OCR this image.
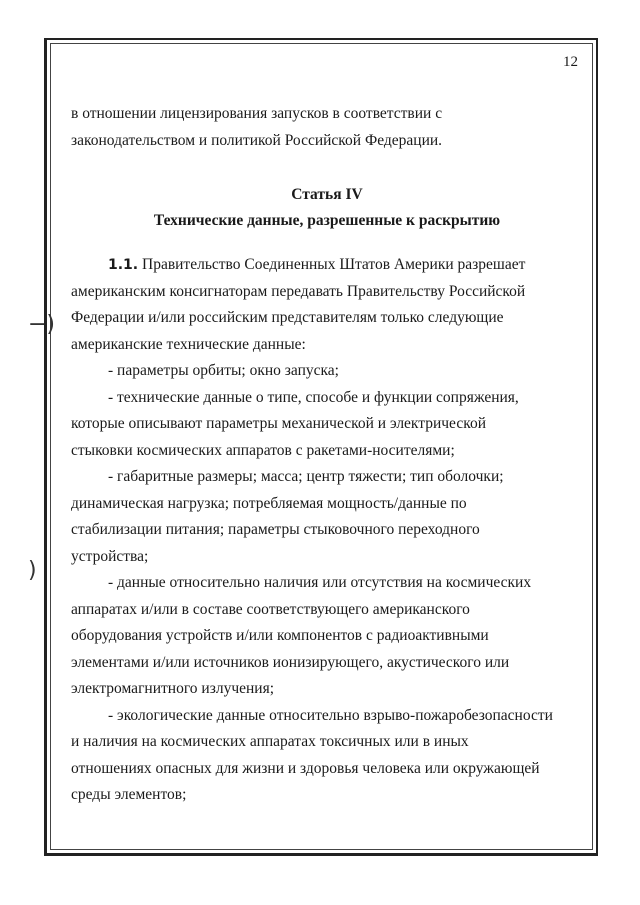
−)
)
12

в отношении лицензирования запусков в соответствии с

законодательством и политикой Российской Федерации.

Статья IV
Технические данные, разрешенные к раскрытию

1.1. Правительство Соединенных Штатов Америки разрешает

американским консигнаторам передавать Правительству Российской

Федерации и/или российским представителям только следующие

американские технические данные:

- параметры орбиты; окно запуска;

- технические данные о типе, способе и функции сопряжения,

которые описывают параметры механической и электрической

стыковки космических аппаратов с ракетами-носителями;

- габаритные размеры; масса; центр тяжести; тип оболочки;

динамическая нагрузка; потребляемая мощность/данные по

стабилизации питания; параметры стыковочного переходного

устройства;

- данные относительно наличия или отсутствия на космических

аппаратах и/или в составе соответствующего американского

оборудования устройств и/или компонентов с радиоактивными

элементами и/или источников ионизирующего, акустического или

электромагнитного излучения;

- экологические данные относительно взрыво-пожаробезопасности

и наличия на космических аппаратах токсичных или в иных

отношениях опасных для жизни и здоровья человека или окружающей

среды элементов;
